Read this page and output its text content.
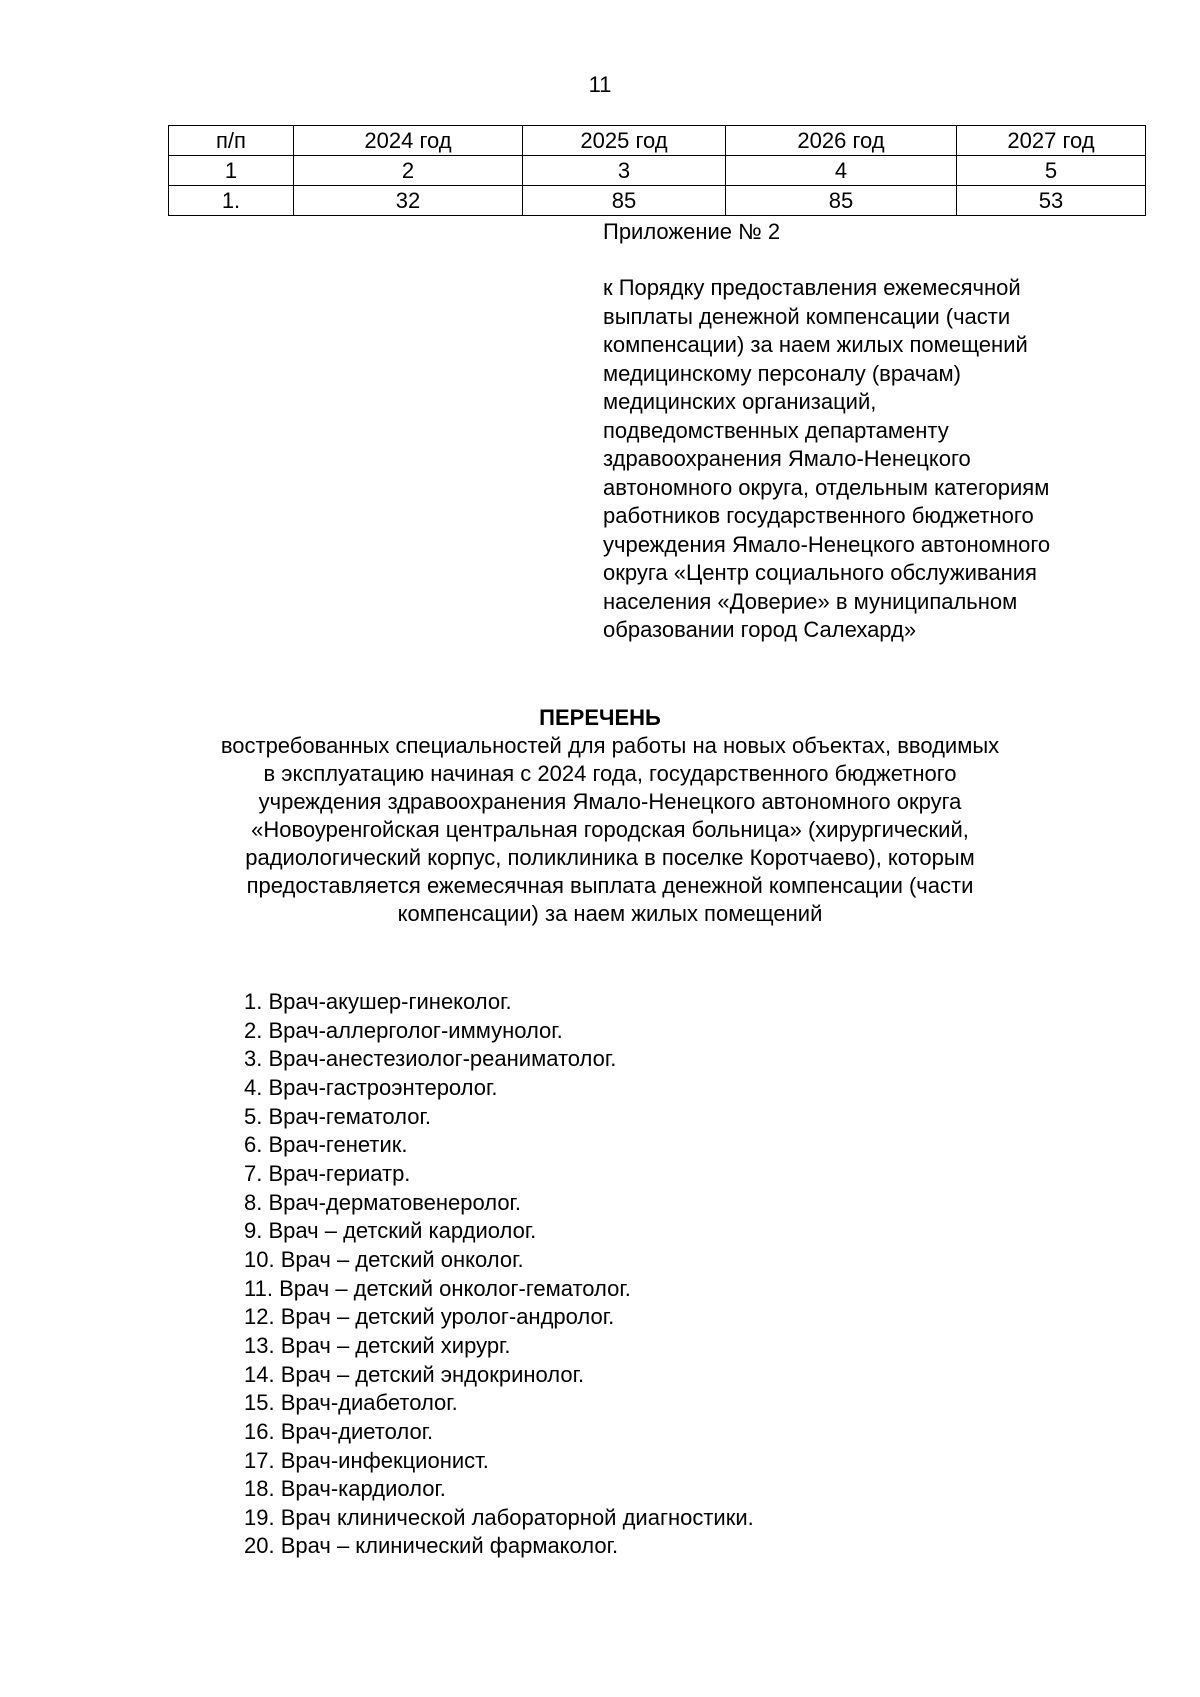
11
п/п	2024 год	2025 год	2026 год	2027 год
1	2	3	4	5
1.	32	85	85	53
Приложение № 2
к Порядку предоставления ежемесячной
выплаты денежной компенсации (части
компенсации) за наем жилых помещений
медицинскому персоналу (врачам)
медицинских организаций,
подведомственных департаменту
здравоохранения Ямало-Ненецкого
автономного округа, отдельным категориям
работников государственного бюджетного
учреждения Ямало-Ненецкого автономного
округа «Центр социального обслуживания
населения «Доверие» в муниципальном
образовании город Салехард»
ПЕРЕЧЕНЬ
востребованных специальностей для работы на новых объектах, вводимых
в эксплуатацию начиная с 2024 года, государственного бюджетного
учреждения здравоохранения Ямало-Ненецкого автономного округа
«Новоуренгойская центральная городская больница» (хирургический,
радиологический корпус, поликлиника в поселке Коротчаево), которым
предоставляется ежемесячная выплата денежной компенсации (части
компенсации) за наем жилых помещений
1. Врач-акушер-гинеколог.
2. Врач-аллерголог-иммунолог.
3. Врач-анестезиолог-реаниматолог.
4. Врач-гастроэнтеролог.
5. Врач-гематолог.
6. Врач-генетик.
7. Врач-гериатр.
8. Врач-дерматовенеролог.
9. Врач – детский кардиолог.
10. Врач – детский онколог.
11. Врач – детский онколог-гематолог.
12. Врач – детский уролог-андролог.
13. Врач – детский хирург.
14. Врач – детский эндокринолог.
15. Врач-диабетолог.
16. Врач-диетолог.
17. Врач-инфекционист.
18. Врач-кардиолог.
19. Врач клинической лабораторной диагностики.
20. Врач – клинический фармаколог.
